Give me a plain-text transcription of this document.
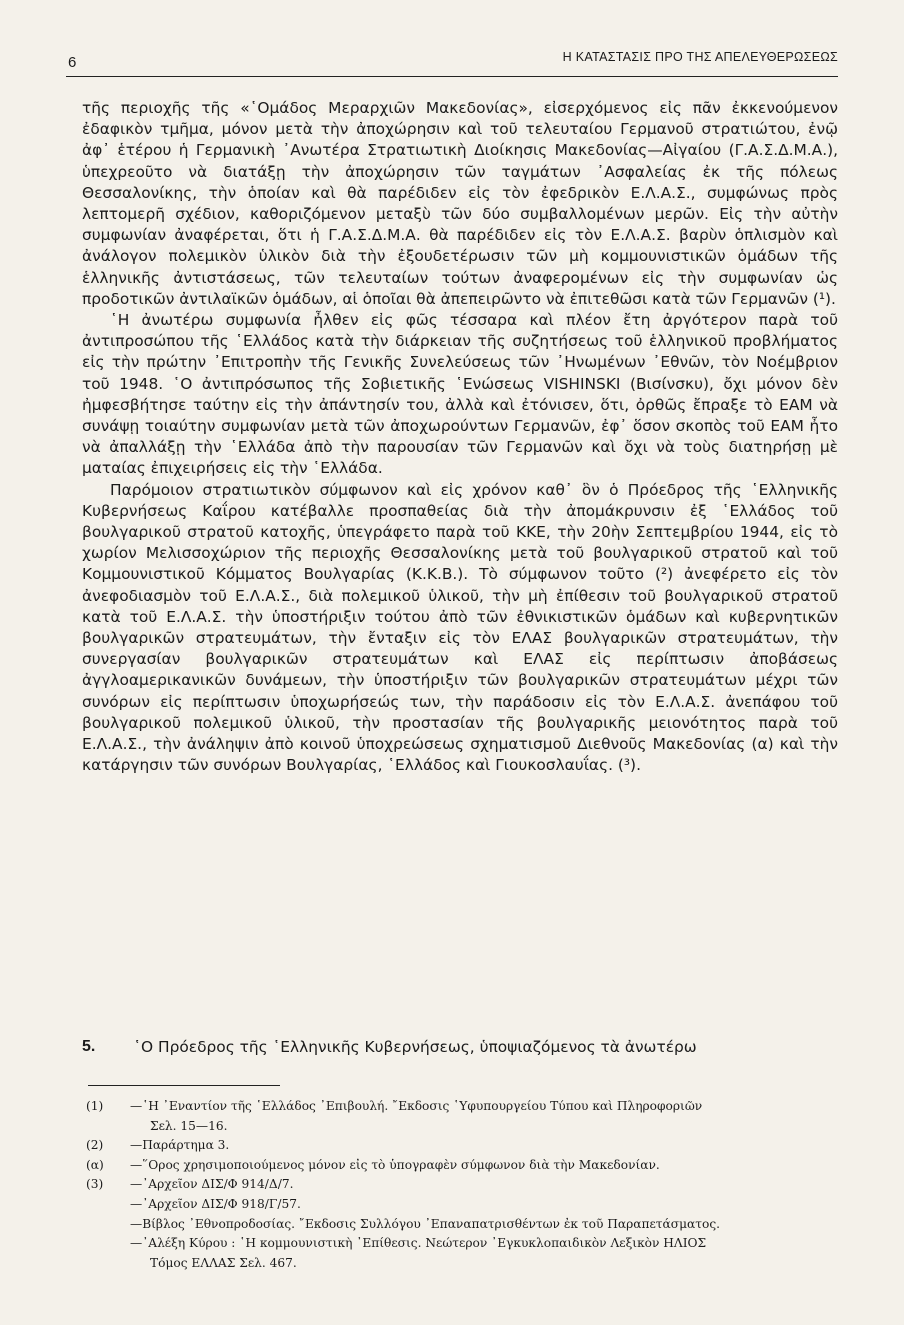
6	Η ΚΑΤΑΣΤΑΣΙΣ ΠΡΟ ΤΗΣ ΑΠΕΛΕΥΘΕΡΩΣΕΩΣ

τῆς περιοχῆς τῆς «῾Ομάδος Μεραρχιῶν Μακεδονίας», εἰσερχόμενος εἰς πᾶν ἐκκενούμενον ἐδαφικὸν τμῆμα, μόνον μετὰ τὴν ἀποχώρησιν καὶ τοῦ τελευταίου Γερμανοῦ στρατιώτου, ἐνῷ ἀφ᾽ ἑτέρου ἡ Γερμανικὴ ᾽Ανωτέρα Στρατιωτικὴ Διοίκησις Μακεδονίας—Αἰγαίου (Γ.Α.Σ.Δ.Μ.Α.), ὑπεχρεοῦτο νὰ διατάξῃ τὴν ἀποχώρησιν τῶν ταγμάτων ᾽Ασφαλείας ἐκ τῆς πόλεως Θεσσαλονίκης, τὴν ὁποίαν καὶ θὰ παρέδιδεν εἰς τὸν ἐφεδρικὸν Ε.Λ.Α.Σ., συμφώνως πρὸς λεπτομερῆ σχέδιον, καθοριζόμενον μεταξὺ τῶν δύο συμβαλλομένων μερῶν. Εἰς τὴν αὐτὴν συμφωνίαν ἀναφέρεται, ὅτι ἡ Γ.Α.Σ.Δ.Μ.Α. θὰ παρέδιδεν εἰς τὸν Ε.Λ.Α.Σ. βαρὺν ὁπλισμὸν καὶ ἀνάλογον πολεμικὸν ὑλικὸν διὰ τὴν ἐξουδετέρωσιν τῶν μὴ κομμουνιστικῶν ὁμάδων τῆς ἑλληνικῆς ἀντιστάσεως, τῶν τελευταίων τούτων ἀναφερομένων εἰς τὴν συμφωνίαν ὡς προδοτικῶν ἀντιλαϊκῶν ὁμάδων, αἱ ὁποῖαι θὰ ἀπεπειρῶντο νὰ ἐπιτεθῶσι κατὰ τῶν Γερμανῶν (¹).

῾Η ἀνωτέρω συμφωνία ἦλθεν εἰς φῶς τέσσαρα καὶ πλέον ἔτη ἀργότερον παρὰ τοῦ ἀντιπροσώπου τῆς ῾Ελλάδος κατὰ τὴν διάρκειαν τῆς συζητήσεως τοῦ ἑλληνικοῦ προβλήματος εἰς τὴν πρώτην ᾽Επιτροπὴν τῆς Γενικῆς Συνελεύσεως τῶν ᾽Ηνωμένων ᾽Εθνῶν, τὸν Νοέμβριον τοῦ 1948. ῾Ο ἀντιπρόσωπος τῆς Σοβιετικῆς ῾Ενώσεως VISHINSKI (Βισίνσκυ), ὄχι μόνον δὲν ἠμφεσβήτησε ταύτην εἰς τὴν ἀπάντησίν του, ἀλλὰ καὶ ἐτόνισεν, ὅτι, ὀρθῶς ἔπραξε τὸ ΕΑΜ νὰ συνάψῃ τοιαύτην συμφωνίαν μετὰ τῶν ἀποχωρούντων Γερμανῶν, ἐφ᾽ ὅσον σκοπὸς τοῦ ΕΑΜ ἦτο νὰ ἀπαλλάξῃ τὴν ῾Ελλάδα ἀπὸ τὴν παρουσίαν τῶν Γερμανῶν καὶ ὄχι νὰ τοὺς διατηρήσῃ μὲ ματαίας ἐπιχειρήσεις εἰς τὴν ῾Ελλάδα.

Παρόμοιον στρατιωτικὸν σύμφωνον καὶ εἰς χρόνον καθ᾽ ὃν ὁ Πρόεδρος τῆς ῾Ελληνικῆς Κυβερνήσεως Καΐρου κατέβαλλε προσπαθείας διὰ τὴν ἀπομάκρυνσιν ἐξ ῾Ελλάδος τοῦ βουλγαρικοῦ στρατοῦ κατοχῆς, ὑπεγράφετο παρὰ τοῦ ΚΚΕ, τὴν 20ὴν Σεπτεμβρίου 1944, εἰς τὸ χωρίον Μελισσοχώριον τῆς περιοχῆς Θεσσαλονίκης μετὰ τοῦ βουλγαρικοῦ στρατοῦ καὶ τοῦ Κομμουνιστικοῦ Κόμματος Βουλγαρίας (Κ.Κ.Β.). Τὸ σύμφωνον τοῦτο (²) ἀνεφέρετο εἰς τὸν ἀνεφοδιασμὸν τοῦ Ε.Λ.Α.Σ., διὰ πολεμικοῦ ὑλικοῦ, τὴν μὴ ἐπίθεσιν τοῦ βουλγαρικοῦ στρατοῦ κατὰ τοῦ Ε.Λ.Α.Σ. τὴν ὑποστήριξιν τούτου ἀπὸ τῶν ἐθνικιστικῶν ὁμάδων καὶ κυβερνητικῶν βουλγαρικῶν στρατευμάτων, τὴν ἔνταξιν εἰς τὸν ΕΛΑΣ βουλγαρικῶν στρατευμάτων, τὴν συνεργασίαν βουλγαρικῶν στρατευμάτων καὶ ΕΛΑΣ εἰς περίπτωσιν ἀποβάσεως ἀγγλοαμερικανικῶν δυνάμεων, τὴν ὑποστήριξιν τῶν βουλγαρικῶν στρατευμάτων μέχρι τῶν συνόρων εἰς περίπτωσιν ὑποχωρήσεώς των, τὴν παράδοσιν εἰς τὸν Ε.Λ.Α.Σ. ἀνεπάφου τοῦ βουλγαρικοῦ πολεμικοῦ ὑλικοῦ, τὴν προστασίαν τῆς βουλγαρικῆς μειονότητος παρὰ τοῦ Ε.Λ.Α.Σ., τὴν ἀνάληψιν ἀπὸ κοινοῦ ὑποχρεώσεως σχηματισμοῦ Διεθνοῦς Μακεδονίας (α) καὶ τὴν κατάργησιν τῶν συνόρων Βουλγαρίας, ῾Ελλάδος καὶ Γιουκοσλαυΐας. (³).

5. ῾Ο Πρόεδρος τῆς ῾Ελληνικῆς Κυβερνήσεως, ὑποψιαζόμενος τὰ ἀνωτέρω
(1)	—῾Η ᾽Εναντίον τῆς ῾Ελλάδος ᾽Επιβουλή. ῎Εκδοσις ῾Υφυπουργείου Τύπου καὶ Πληροφοριῶν
Σελ. 15—16.
(2)	—Παράρτημα 3.
(α)	—῞Ορος χρησιμοποιούμενος μόνον εἰς τὸ ὑπογραφὲν σύμφωνον διὰ τὴν Μακεδονίαν.
(3)	—᾽Αρχεῖον ΔΙΣ/Φ 914/Δ/7.
—᾽Αρχεῖον ΔΙΣ/Φ 918/Γ/57.
—Βίβλος ᾽Εθνοπροδοσίας. ῎Εκδοσις Συλλόγου ᾽Επαναπατρισθέντων ἐκ τοῦ Παραπετάσματος.
—᾽Αλέξη Κύρου : ῾Η κομμουνιστικὴ ᾽Επίθεσις. Νεώτερον ᾽Εγκυκλοπαιδικὸν Λεξικὸν ΗΛΙΟΣ
Τόμος ΕΛΛΑΣ Σελ. 467.
